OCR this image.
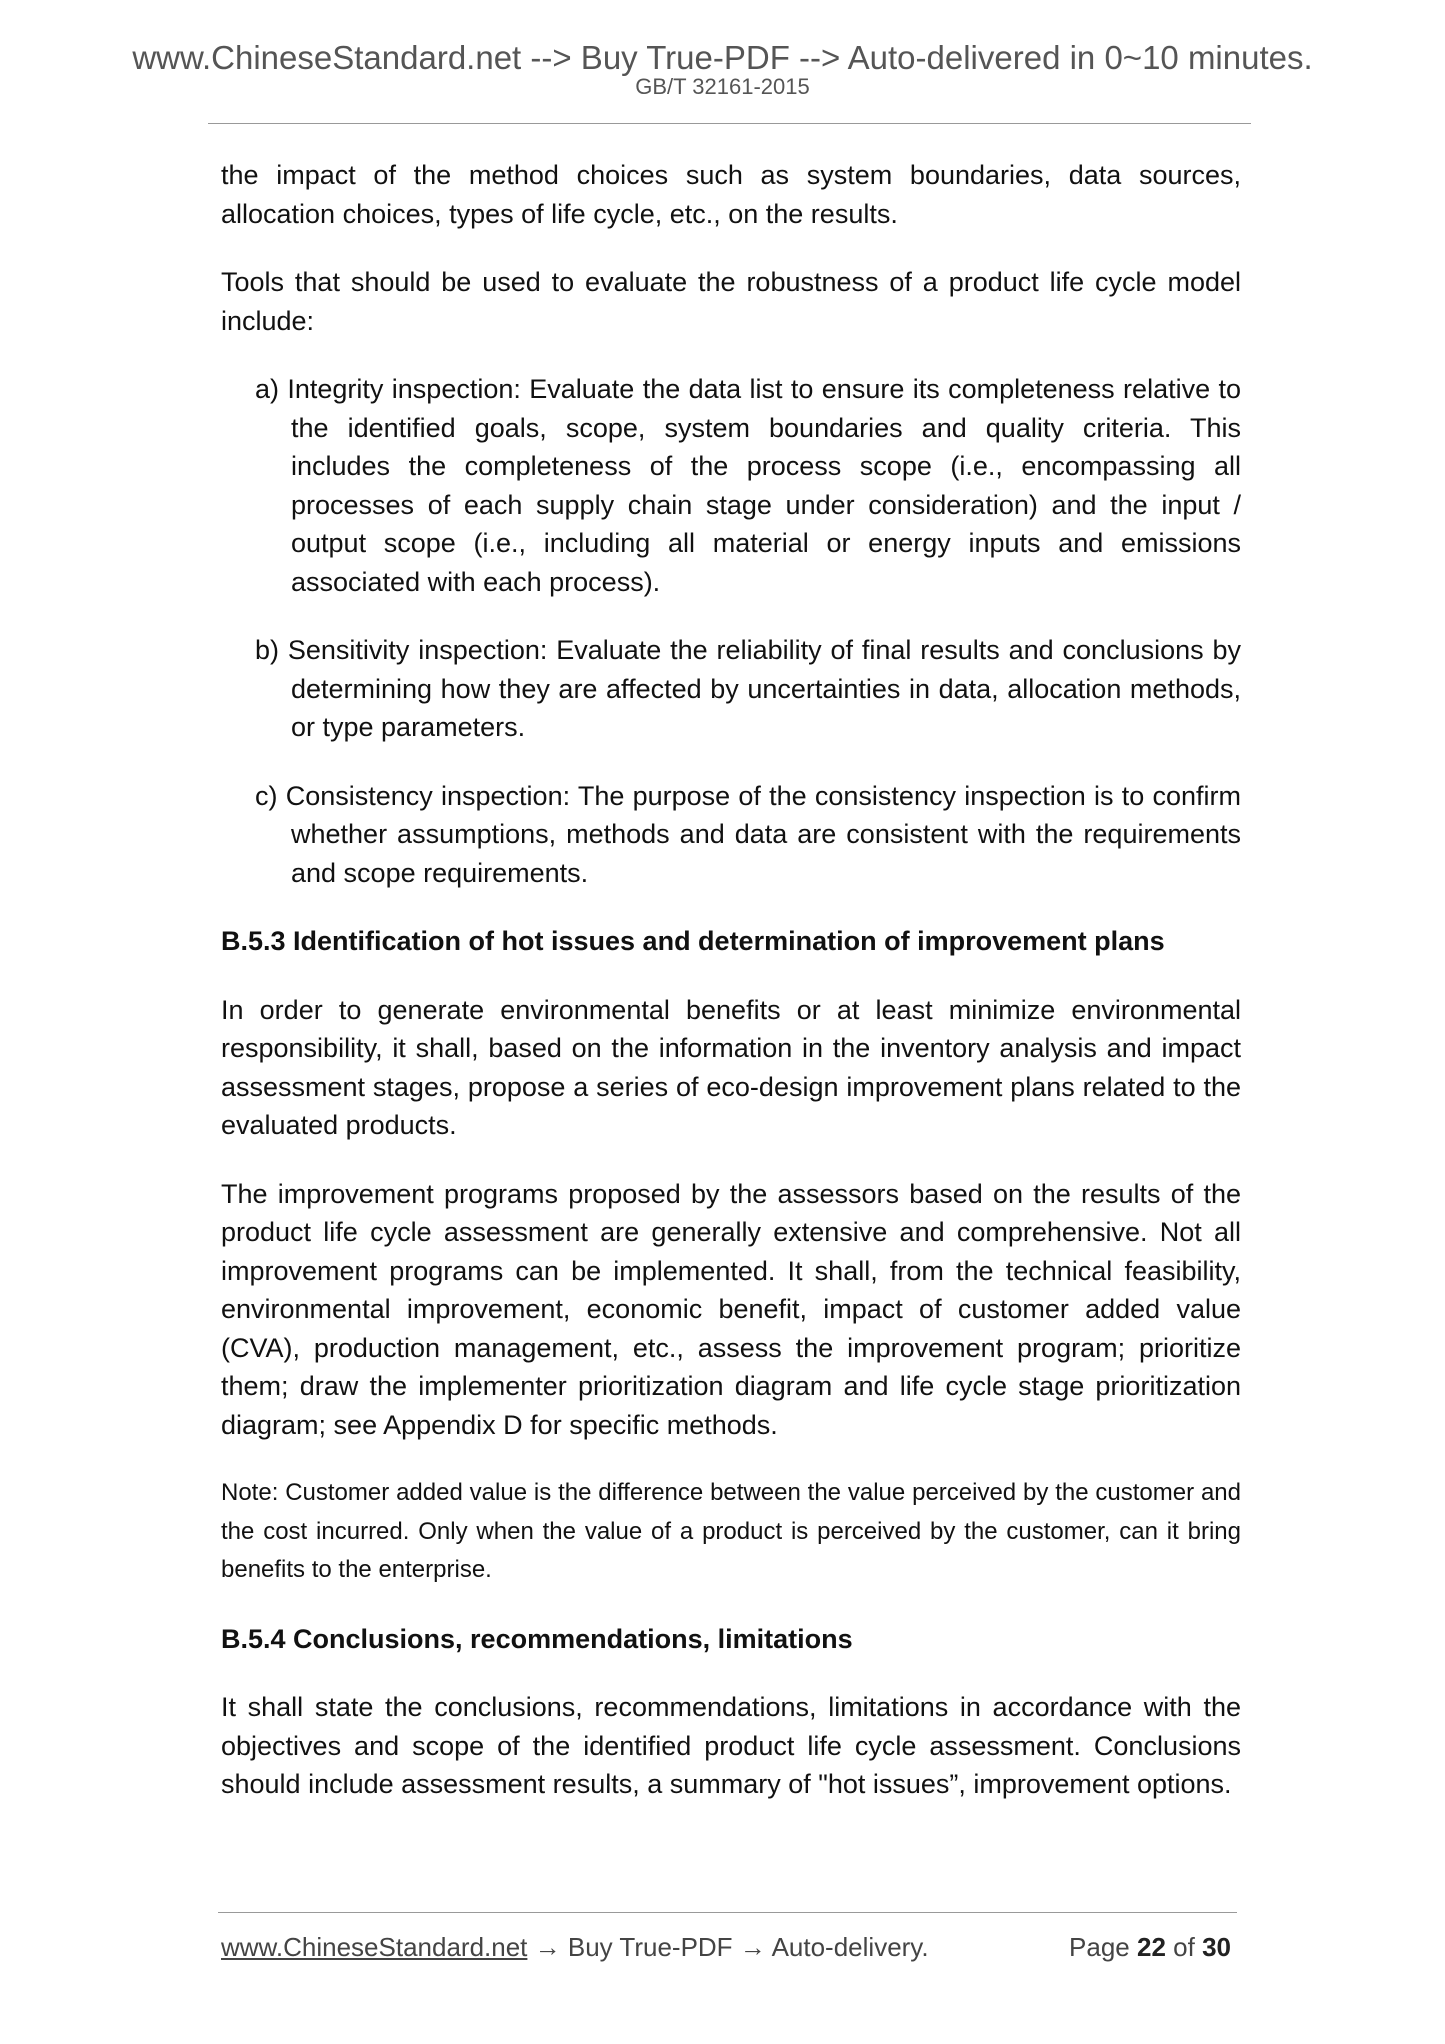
www.ChineseStandard.net --> Buy True-PDF --> Auto-delivered in 0~10 minutes.
GB/T 32161-2015

the impact of the method choices such as system boundaries, data sources, allocation choices, types of life cycle, etc., on the results.

Tools that should be used to evaluate the robustness of a product life cycle model include:

a) Integrity inspection: Evaluate the data list to ensure its completeness relative to the identified goals, scope, system boundaries and quality criteria. This includes the completeness of the process scope (i.e., encompassing all processes of each supply chain stage under consideration) and the input / output scope (i.e., including all material or energy inputs and emissions associated with each process).

b) Sensitivity inspection: Evaluate the reliability of final results and conclusions by determining how they are affected by uncertainties in data, allocation methods, or type parameters.

c) Consistency inspection: The purpose of the consistency inspection is to confirm whether assumptions, methods and data are consistent with the requirements and scope requirements.

B.5.3 Identification of hot issues and determination of improvement plans

In order to generate environmental benefits or at least minimize environmental responsibility, it shall, based on the information in the inventory analysis and impact assessment stages, propose a series of eco-design improvement plans related to the evaluated products.

The improvement programs proposed by the assessors based on the results of the product life cycle assessment are generally extensive and comprehensive. Not all improvement programs can be implemented. It shall, from the technical feasibility, environmental improvement, economic benefit, impact of customer added value (CVA), production management, etc., assess the improvement program; prioritize them; draw the implementer prioritization diagram and life cycle stage prioritization diagram; see Appendix D for specific methods.

Note: Customer added value is the difference between the value perceived by the customer and the cost incurred. Only when the value of a product is perceived by the customer, can it bring benefits to the enterprise.

B.5.4 Conclusions, recommendations, limitations

It shall state the conclusions, recommendations, limitations in accordance with the objectives and scope of the identified product life cycle assessment. Conclusions should include assessment results, a summary of "hot issues”, improvement options.

www.ChineseStandard.net → Buy True-PDF → Auto-delivery.	Page 22 of 30
